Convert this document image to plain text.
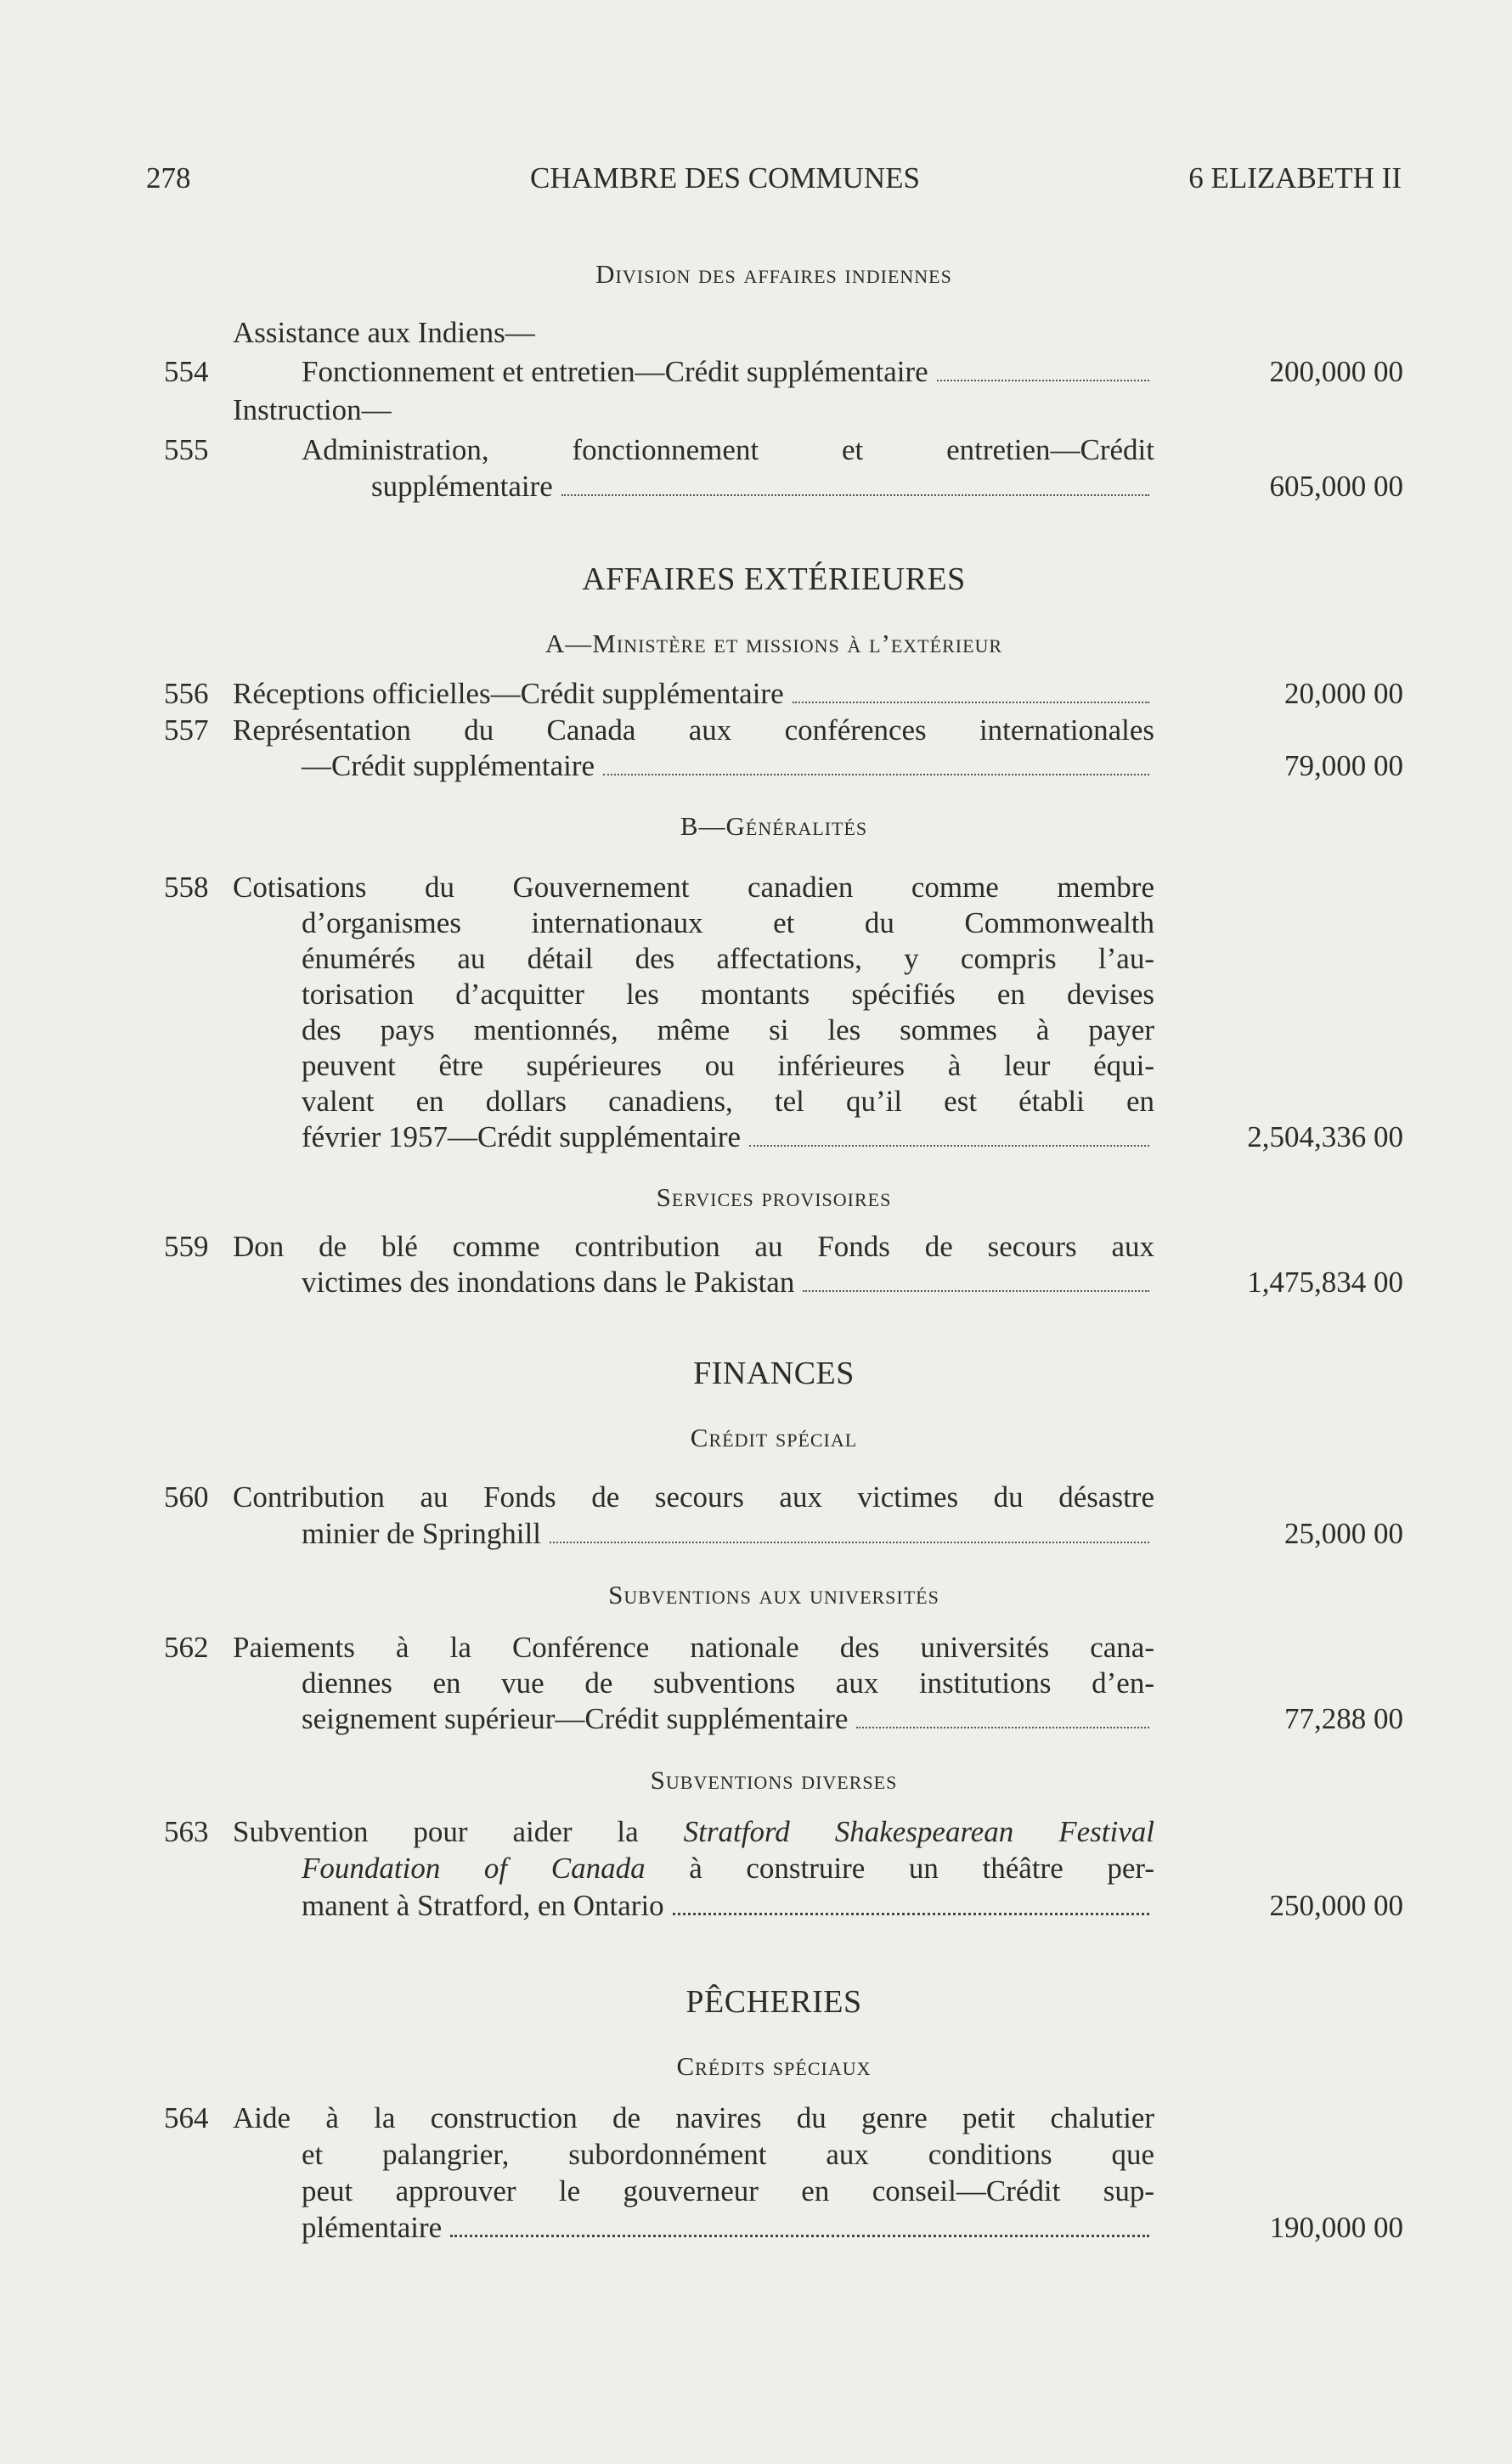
278	CHAMBRE DES COMMUNES	6 ELIZABETH II
Division des affaires indiennes
Assistance aux Indiens—
554	Fonctionnement et entretien—Crédit supplémentaire	200,000 00
Instruction—
555	Administration, fonctionnement et entretien—Crédit
supplémentaire	605,000 00
AFFAIRES EXTÉRIEURES
A—Ministère et missions à l’extérieur
556 Réceptions officielles—Crédit supplémentaire	20,000 00
557 Représentation du Canada aux conférences internationales
—Crédit supplémentaire	79,000 00
B—Généralités
558 Cotisations du Gouvernement canadien comme membre
d’organismes internationaux et du Commonwealth
énumérés au détail des affectations, y compris l’au-
torisation d’acquitter les montants spécifiés en devises
des pays mentionnés, même si les sommes à payer
peuvent être supérieures ou inférieures à leur équi-
valent en dollars canadiens, tel qu’il est établi en
février 1957—Crédit supplémentaire	2,504,336 00
Services provisoires
559 Don de blé comme contribution au Fonds de secours aux
victimes des inondations dans le Pakistan	1,475,834 00
FINANCES
Crédit spécial
560 Contribution au Fonds de secours aux victimes du désastre
minier de Springhill	25,000 00
Subventions aux universités
562 Paiements à la Conférence nationale des universités cana-
diennes en vue de subventions aux institutions d’en-
seignement supérieur—Crédit supplémentaire	77,288 00
Subventions diverses
563 Subvention pour aider la Stratford Shakespearean Festival
Foundation of Canada à construire un théâtre per-
manent à Stratford, en Ontario	250,000 00
PÊCHERIES
Crédits spéciaux
564 Aide à la construction de navires du genre petit chalutier
et palangrier, subordonnément aux conditions que
peut approuver le gouverneur en conseil—Crédit sup-
plémentaire	190,000 00
